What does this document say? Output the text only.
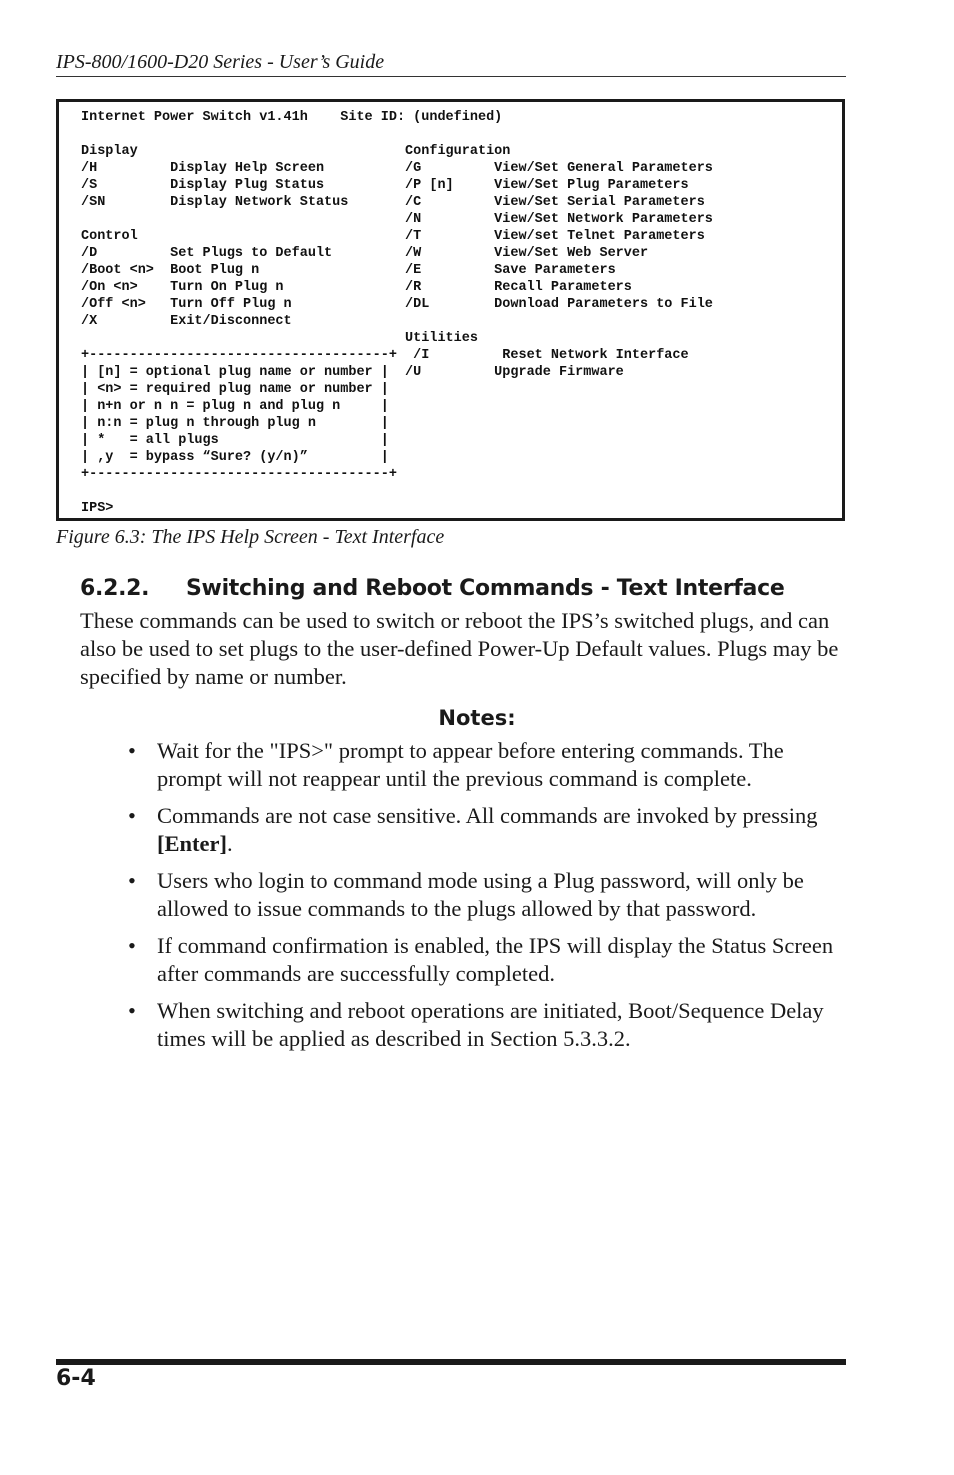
IPS-800/1600-D20 Series - User’s Guide
Internet Power Switch v1.41h    Site ID: (undefined)

Display                                 Configuration
/H         Display Help Screen          /G         View/Set General Parameters
/S         Display Plug Status          /P [n]     View/Set Plug Parameters
/SN        Display Network Status       /C         View/Set Serial Parameters
/N         View/Set Network Parameters
Control                                 /T         View/set Telnet Parameters
/D         Set Plugs to Default         /W         View/Set Web Server
/Boot <n>  Boot Plug n                  /E         Save Parameters
/On <n>    Turn On Plug n               /R         Recall Parameters
/Off <n>   Turn Off Plug n              /DL        Download Parameters to File
/X         Exit/Disconnect
Utilities
+-------------------------------------+  /I         Reset Network Interface
| [n] = optional plug name or number |  /U         Upgrade Firmware
| <n> = required plug name or number |
| n+n or n n = plug n and plug n     |
| n:n = plug n through plug n        |
| *   = all plugs                    |
| ,y  = bypass “Sure? (y/n)”         |
+-------------------------------------+

IPS>
Figure 6.3: The IPS Help Screen - Text Interface
6.2.2. Switching and Reboot Commands - Text Interface

These commands can be used to switch or reboot the IPS’s switched plugs, and can also be used to set plugs to the user-defined Power-Up Default values. Plugs may be specified by name or number.

Notes:
• Wait for the "IPS>" prompt to appear before entering commands. The prompt will not reappear until the previous command is complete.
• Commands are not case sensitive. All commands are invoked by pressing [Enter].
• Users who login to command mode using a Plug password, will only be allowed to issue commands to the plugs allowed by that password.
• If command confirmation is enabled, the IPS will display the Status Screen after commands are successfully completed.
• When switching and reboot operations are initiated, Boot/Sequence Delay times will be applied as described in Section 5.3.3.2.
6-4
